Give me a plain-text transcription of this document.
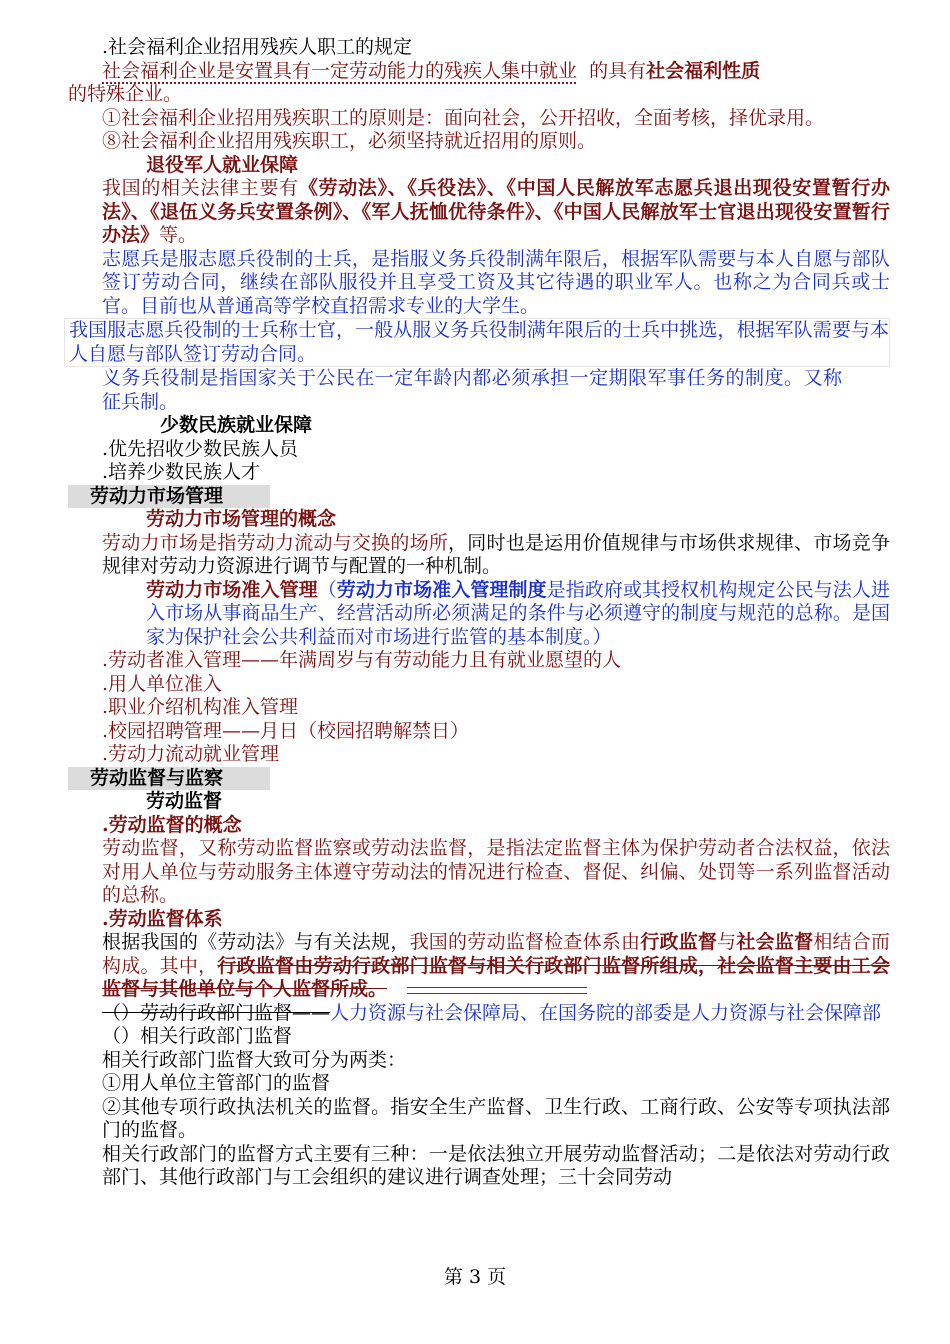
.社会福利企业招用残疾人职工的规定

社会福利企业是安置具有一定劳动能力的残疾人集中就业 的具有社会福利性质
的特殊企业。

①社会福利企业招用残疾职工的原则是：面向社会，公开招收，全面考核，择优录用。

⑧社会福利企业招用残疾职工，必须坚持就近招用的原则。

退役军人就业保障

我国的相关法律主要有《劳动法》、《兵役法》、《中国人民解放军志愿兵退出现役安置暂行办法》、《退伍义务兵安置条例》、《军人抚恤优待条件》、《中国人民解放军士官退出现役安置暂行办法》等。

志愿兵是服志愿兵役制的士兵，是指服义务兵役制满年限后，根据军队需要与本人自愿与部队签订劳动合同，继续在部队服役并且享受工资及其它待遇的职业军人。也称之为合同兵或士官。目前也从普通高等学校直招需求专业的大学生。

我国服志愿兵役制的士兵称士官，一般从服义务兵役制满年限后的士兵中挑选，根据军队需要与本人自愿与部队签订劳动合同。

义务兵役制是指国家关于公民在一定年龄内都必须承担一定期限军事任务的制度。又称征兵制。

少数民族就业保障

.优先招收少数民族人员

.培养少数民族人才

劳动力市场管理

劳动力市场管理的概念

劳动力市场是指劳动力流动与交换的场所，同时也是运用价值规律与市场供求规律、市场竞争规律对劳动力资源进行调节与配置的一种机制。

劳动力市场准入管理（劳动力市场准入管理制度是指政府或其授权机构规定公民与法人进入市场从事商品生产、经营活动所必须满足的条件与必须遵守的制度与规范的总称。是国家为保护社会公共利益而对市场进行监管的基本制度。）

.劳动者准入管理——年满周岁与有劳动能力且有就业愿望的人

.用人单位准入

.职业介绍机构准入管理

.校园招聘管理——月日（校园招聘解禁日）

.劳动力流动就业管理

劳动监督与监察

劳动监督

.劳动监督的概念

劳动监督，又称劳动监督监察或劳动法监督，是指法定监督主体为保护劳动者合法权益，依法对用人单位与劳动服务主体遵守劳动法的情况进行检查、督促、纠偏、处罚等一系列监督活动的总称。

.劳动监督体系

根据我国的《劳动法》与有关法规，我国的劳动监督检查体系由行政监督与社会监督相结合而构成。其中，行政监督由劳动行政部门监督与相关行政部门监督所组成，社会监督主要由工会监督与其他单位与个人监督所成。

（）劳动行政部门监督——人力资源与社会保障局、在国务院的部委是人力资源与社会保障部

（）相关行政部门监督

相关行政部门监督大致可分为两类：

①用人单位主管部门的监督

②其他专项行政执法机关的监督。指安全生产监督、卫生行政、工商行政、公安等专项执法部门的监督。

相关行政部门的监督方式主要有三种：一是依法独立开展劳动监督活动；二是依法对劳动行政部门、其他行政部门与工会组织的建议进行调查处理；三十会同劳动

第 3 页
